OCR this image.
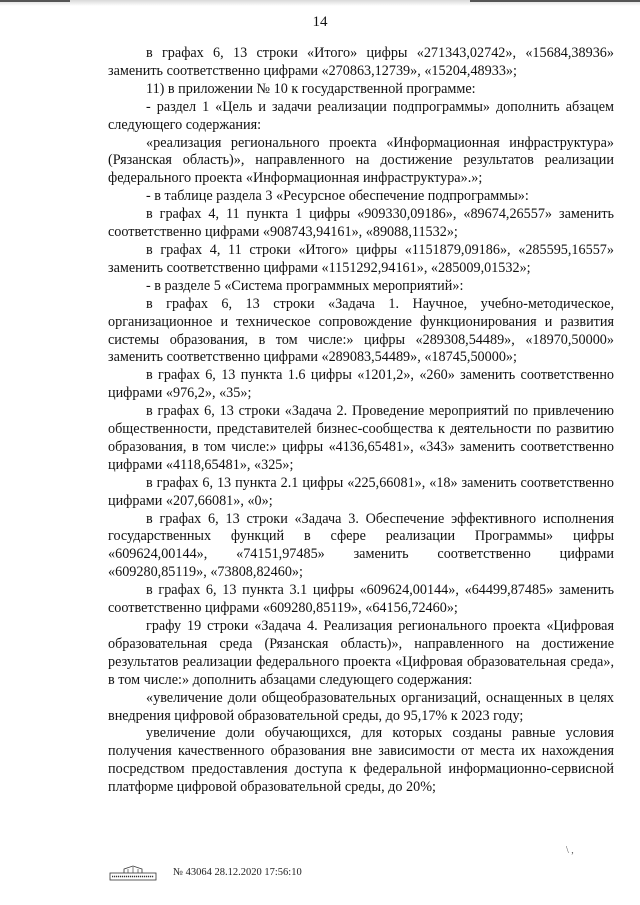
14

в графах 6, 13 строки «Итого» цифры «271343,02742», «15684,38936» заменить соответственно цифрами «270863,12739», «15204,48933»;

11) в приложении № 10 к государственной программе:

- раздел 1 «Цель и задачи реализации подпрограммы» дополнить абзацем следующего содержания:

«реализация регионального проекта «Информационная инфраструктура» (Рязанская область)», направленного на достижение результатов реализации федерального проекта «Информационная инфраструктура».»;

- в таблице раздела 3 «Ресурсное обеспечение подпрограммы»:

в графах 4, 11 пункта 1 цифры «909330,09186», «89674,26557» заменить соответственно цифрами «908743,94161», «89088,11532»;

в графах 4, 11 строки «Итого» цифры «1151879,09186», «285595,16557» заменить соответственно цифрами «1151292,94161», «285009,01532»;

- в разделе 5 «Система программных мероприятий»:

в графах 6, 13 строки «Задача 1. Научное, учебно-методическое, организационное и техническое сопровождение функционирования и развития системы образования, в том числе:» цифры «289308,54489», «18970,50000» заменить соответственно цифрами «289083,54489», «18745,50000»;

в графах 6, 13 пункта 1.6 цифры «1201,2», «260» заменить соответственно цифрами «976,2», «35»;

в графах 6, 13 строки «Задача 2. Проведение мероприятий по привлечению общественности, представителей бизнес-сообщества к деятельности по развитию образования, в том числе:» цифры «4136,65481», «343» заменить соответственно цифрами «4118,65481», «325»;

в графах 6, 13 пункта 2.1 цифры «225,66081», «18» заменить соответственно цифрами «207,66081», «0»;

в графах 6, 13 строки «Задача 3. Обеспечение эффективного исполнения государственных функций в сфере реализации Программы» цифры «609624,00144», «74151,97485» заменить соответственно цифрами «609280,85119», «73808,82460»;

в графах 6, 13 пункта 3.1 цифры «609624,00144», «64499,87485» заменить соответственно цифрами «609280,85119», «64156,72460»;

графу 19 строки «Задача 4. Реализация регионального проекта «Цифровая образовательная среда (Рязанская область)», направленного на достижение результатов реализации федерального проекта «Цифровая образовательная среда», в том числе:» дополнить абзацами следующего содержания:

«увеличение доли общеобразовательных организаций, оснащенных в целях внедрения цифровой образовательной среды, до 95,17% к 2023 году;

увеличение доли обучающихся, для которых созданы равные условия получения качественного образования вне зависимости от места их нахождения посредством предоставления доступа к федеральной информационно-сервисной платформе цифровой образовательной среды, до 20%;

№ 43064 28.12.2020 17:56:10
\ ,
